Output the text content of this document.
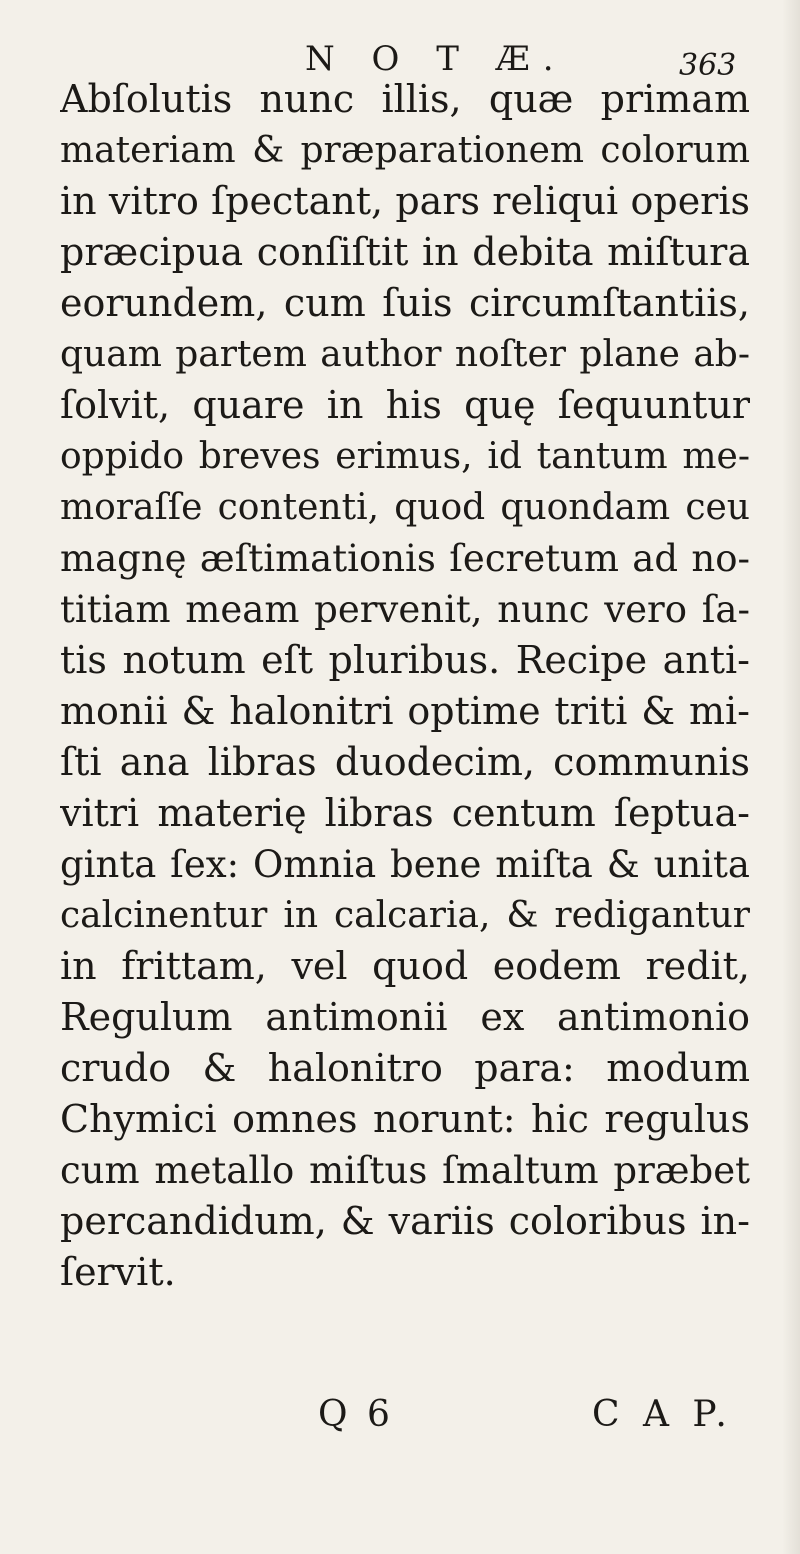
N O T Æ.	363
Abſolutis nunc illis, quæ primam
materiam & præparationem colorum
in vitro ſpectant, pars reliqui operis
præcipua conſiſtit in debita miſtura
eorundem, cum ſuis circumſtantiis,
quam partem author noſter plane ab-
ſolvit, quare in his quę ſequuntur
oppido breves erimus, id tantum me-
moraſſe contenti, quod quondam ceu
magnę æſtimationis ſecretum ad no-
titiam meam pervenit, nunc vero ſa-
tis notum eſt pluribus. Recipe anti-
monii & halonitri optime triti & mi-
ſti ana libras duodecim, communis
vitri materię libras centum ſeptua-
ginta ſex: Omnia bene miſta & unita
calcinentur in calcaria, & redigantur
in frittam, vel quod eodem redit,
Regulum antimonii ex antimonio
crudo & halonitro para: modum
Chymici omnes norunt: hic regulus
cum metallo miſtus ſmaltum præbet
percandidum, & variis coloribus in-
ſervit.
Q 6	C A P.
